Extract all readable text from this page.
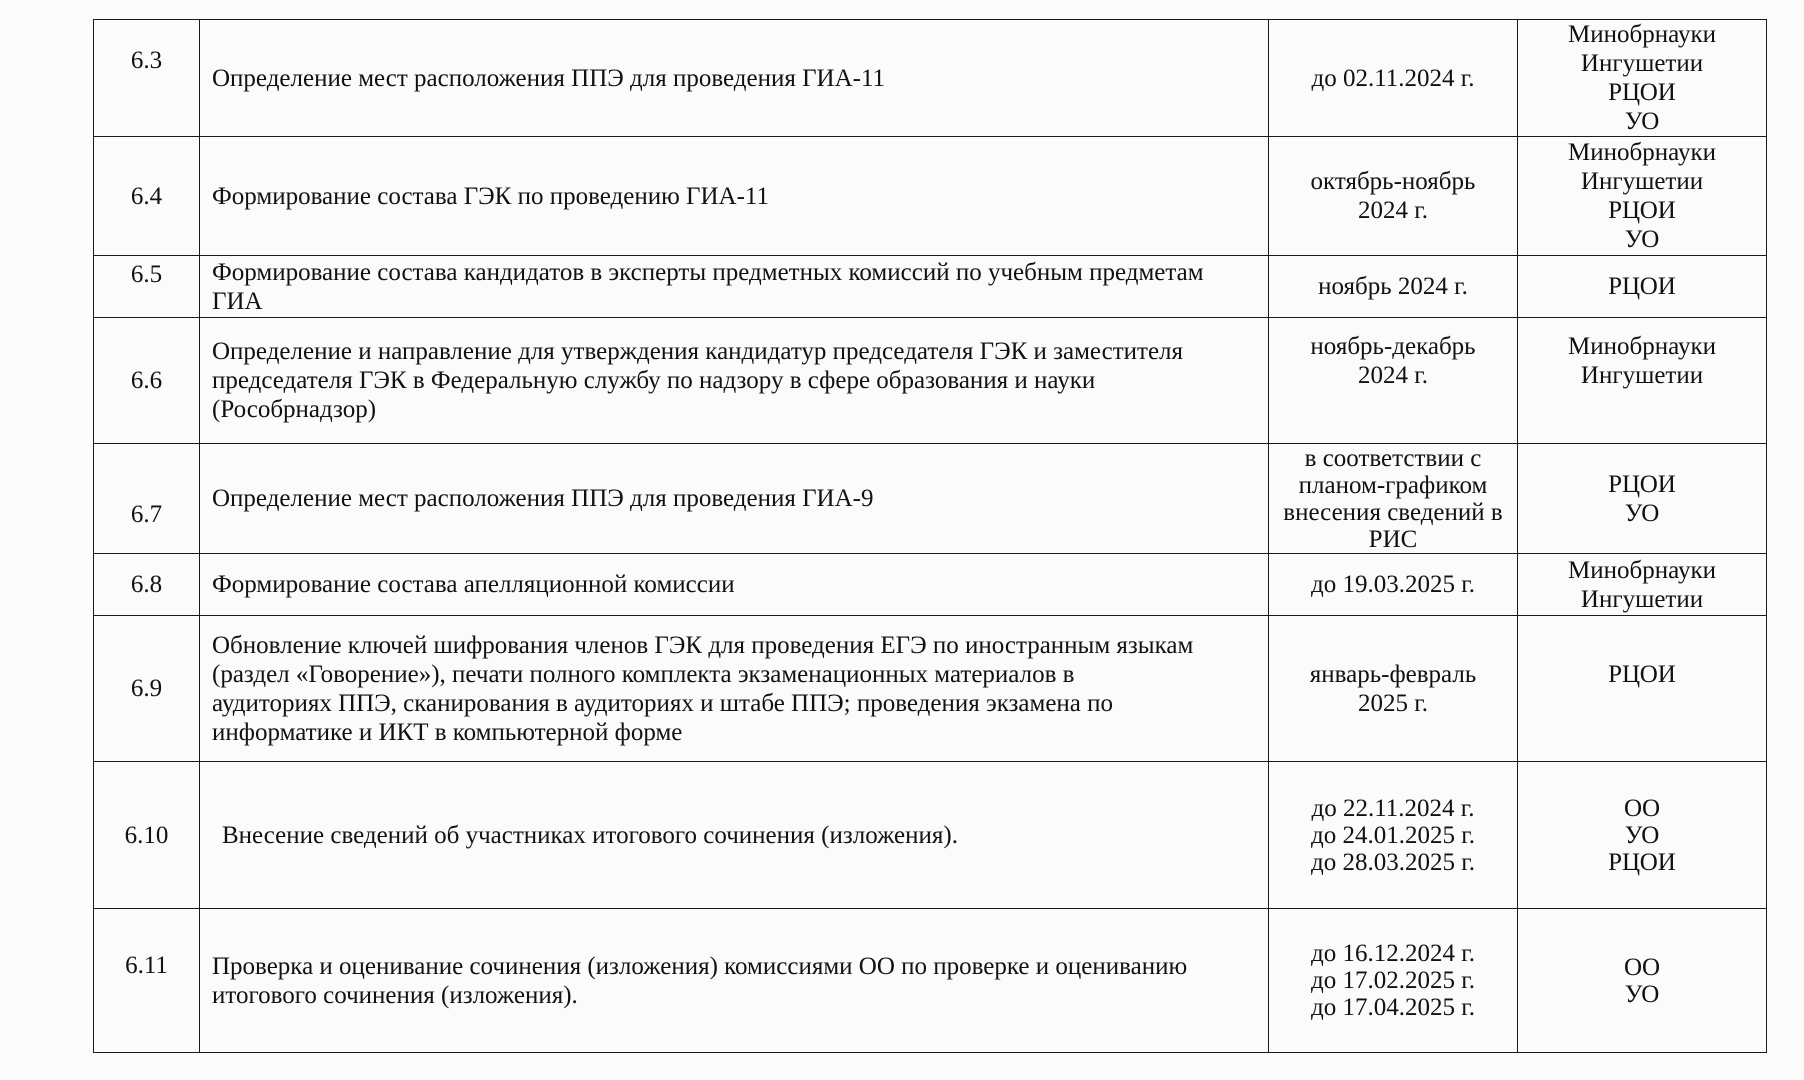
6.3	Определение мест расположения ППЭ для проведения ГИА-11	до 02.11.2024 г.	Минобрнауки
Ингушетии
РЦОИ
УО

6.4	Формирование состава ГЭК по проведению ГИА-11	октябрь-ноябрь
2024 г.	Минобрнауки
Ингушетии
РЦОИ
УО

6.5	Формирование состава кандидатов в эксперты предметных комиссий по учебным предметам
ГИА	ноябрь 2024 г.	РЦОИ

6.6	Определение и направление для утверждения кандидатур председателя ГЭК и заместителя
председателя ГЭК в Федеральную службу по надзору в сфере образования и науки
(Рособрнадзор)	ноябрь-декабрь
2024 г.	Минобрнауки
Ингушетии

6.7	Определение мест расположения ППЭ для проведения ГИА-9	в соответствии с
планом-графиком
внесения сведений в
РИС	РЦОИ
УО

6.8	Формирование состава апелляционной комиссии	до 19.03.2025 г.	Минобрнауки
Ингушетии

6.9	Обновление ключей шифрования членов ГЭК для проведения ЕГЭ по иностранным языкам
(раздел «Говорение»), печати полного комплекта экзаменационных материалов в
аудиториях ППЭ, сканирования в аудиториях и штабе ППЭ; проведения экзамена по
информатике и ИКТ в компьютерной форме	январь-февраль
2025 г.	РЦОИ

6.10	Внесение сведений об участниках итогового сочинения (изложения).	до 22.11.2024 г.
до 24.01.2025 г.
до 28.03.2025 г.	ОО
УО
РЦОИ

6.11	Проверка и оценивание сочинения (изложения) комиссиями ОО по проверке и оцениванию
итогового сочинения (изложения).	до 16.12.2024 г.
до 17.02.2025 г.
до 17.04.2025 г.	ОО
УО
